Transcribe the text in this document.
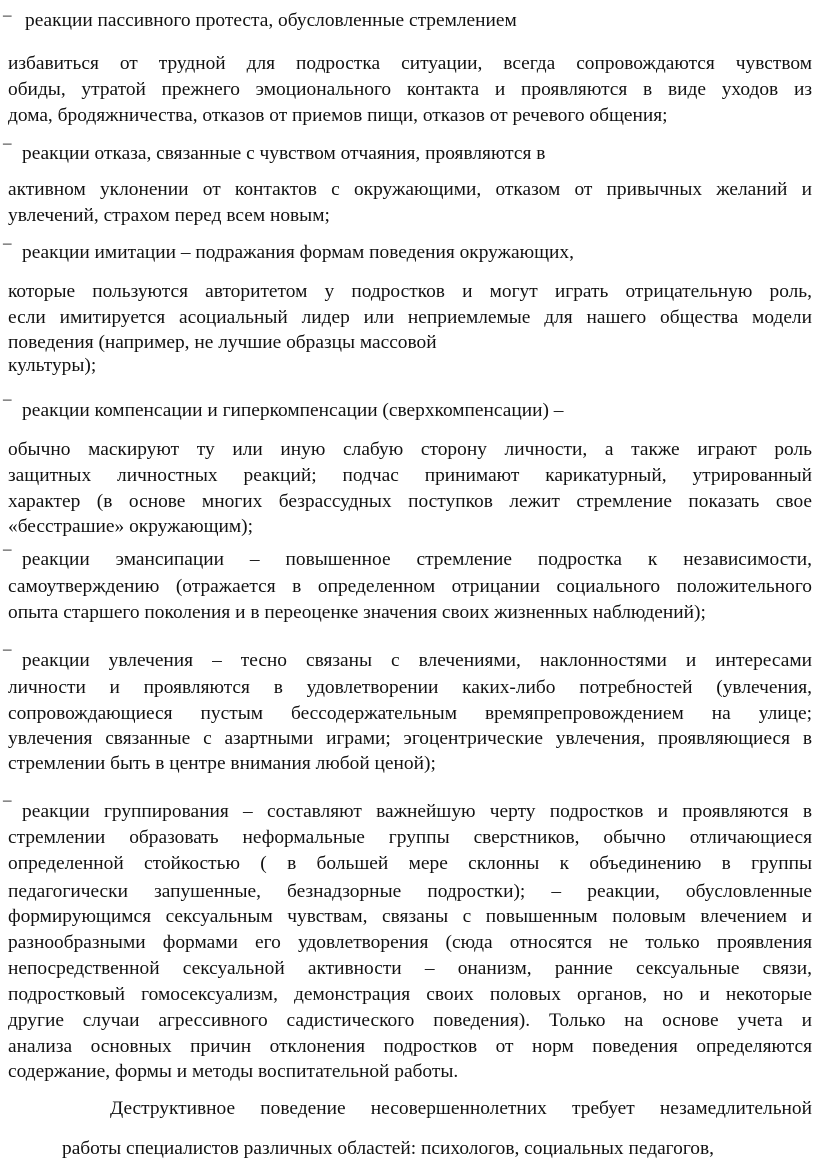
– реакции пассивного протеста, обусловленные стремлением
избавиться от трудной для подростка ситуации, всегда сопровождаются чувством
обиды, утратой прежнего эмоционального контакта и проявляются в виде уходов из
дома, бродяжничества, отказов от приемов пищи, отказов от речевого общения;
–
реакции отказа, связанные с чувством отчаяния, проявляются в
активном уклонении от контактов с окружающими, отказом от привычных желаний и
увлечений, страхом перед всем новым;
– реакции имитации – подражания формам поведения окружающих,
которые пользуются авторитетом у подростков и могут играть отрицательную роль,
если имитируется асоциальный лидер или неприемлемые для нашего общества модели
поведения (например, не лучшие образцы массовой
культуры);
–
реакции компенсации и гиперкомпенсации (сверхкомпенсации) –
обычно маскируют ту или иную слабую сторону личности, а также играют роль
защитных личностных реакций; подчас принимают карикатурный, утрированный
характер (в основе многих безрассудных поступков лежит стремление показать свое
«бесстрашие» окружающим);
–
реакции эмансипации – повышенное стремление подростка к независимости,
самоутверждению (отражается в определенном отрицании социального положительного
опыта старшего поколения и в переоценке значения своих жизненных наблюдений);
–
реакции увлечения – тесно связаны с влечениями, наклонностями и интересами
личности и проявляются в удовлетворении каких-либо потребностей (увлечения,
сопровождающиеся пустым бессодержательным времяпрепровождением на улице;
увлечения связанные с азартными играми; эгоцентрические увлечения, проявляющиеся в
стремлении быть в центре внимания любой ценой);
–
реакции группирования – составляют важнейшую черту подростков и проявляются в
стремлении образовать неформальные группы сверстников, обычно отличающиеся
определенной стойкостью ( в большей мере склонны к объединению в группы
педагогически запушенные, безнадзорные подростки); – реакции, обусловленные
формирующимся сексуальным чувствам, связаны с повышенным половым влечением и
разнообразными формами его удовлетворения (сюда относятся не только проявления
непосредственной сексуальной активности – онанизм, ранние сексуальные связи,
подростковый гомосексуализм, демонстрация своих половых органов, но и некоторые
другие случаи агрессивного садистического поведения). Только на основе учета и
анализа основных причин отклонения подростков от норм поведения определяются
содержание, формы и методы воспитательной работы.
Деструктивное поведение несовершеннолетних требует незамедлительной
работы специалистов различных областей: психологов, социальных педагогов,
